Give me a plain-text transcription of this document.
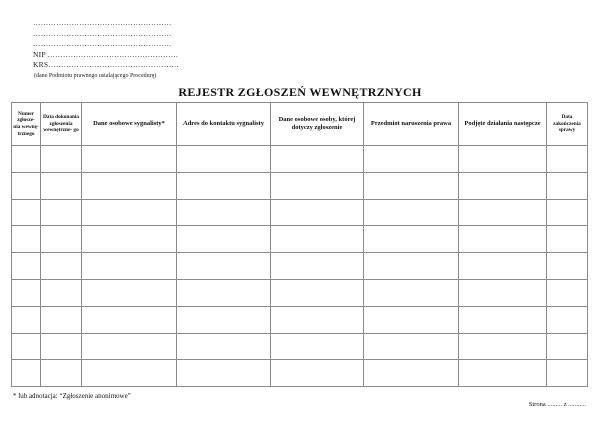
………………………………………………
………………………………………………
………………………………………………
NIP ……………………………………………
KRS……………………………………………
(dane Podmiotu prawnego ustalającego Procedurę)
REJESTR ZGŁOSZEŃ WEWNĘTRZNYCH
Numer zgłosze- nia wewnę- trznego	Data dokonania zgłoszenia wewnętrzne- go	Dane osobowe sygnalisty*	Adres do kontaktu sygnalisty	Dane osobowe osoby, której dotyczy zgłoszenie	Przedmiot naruszenia prawa	Podjęte działania następcze	Data zakończenia sprawy

* lub adnotacja: “Zgłoszenie anonimowe”
Strona ......... z ...........
